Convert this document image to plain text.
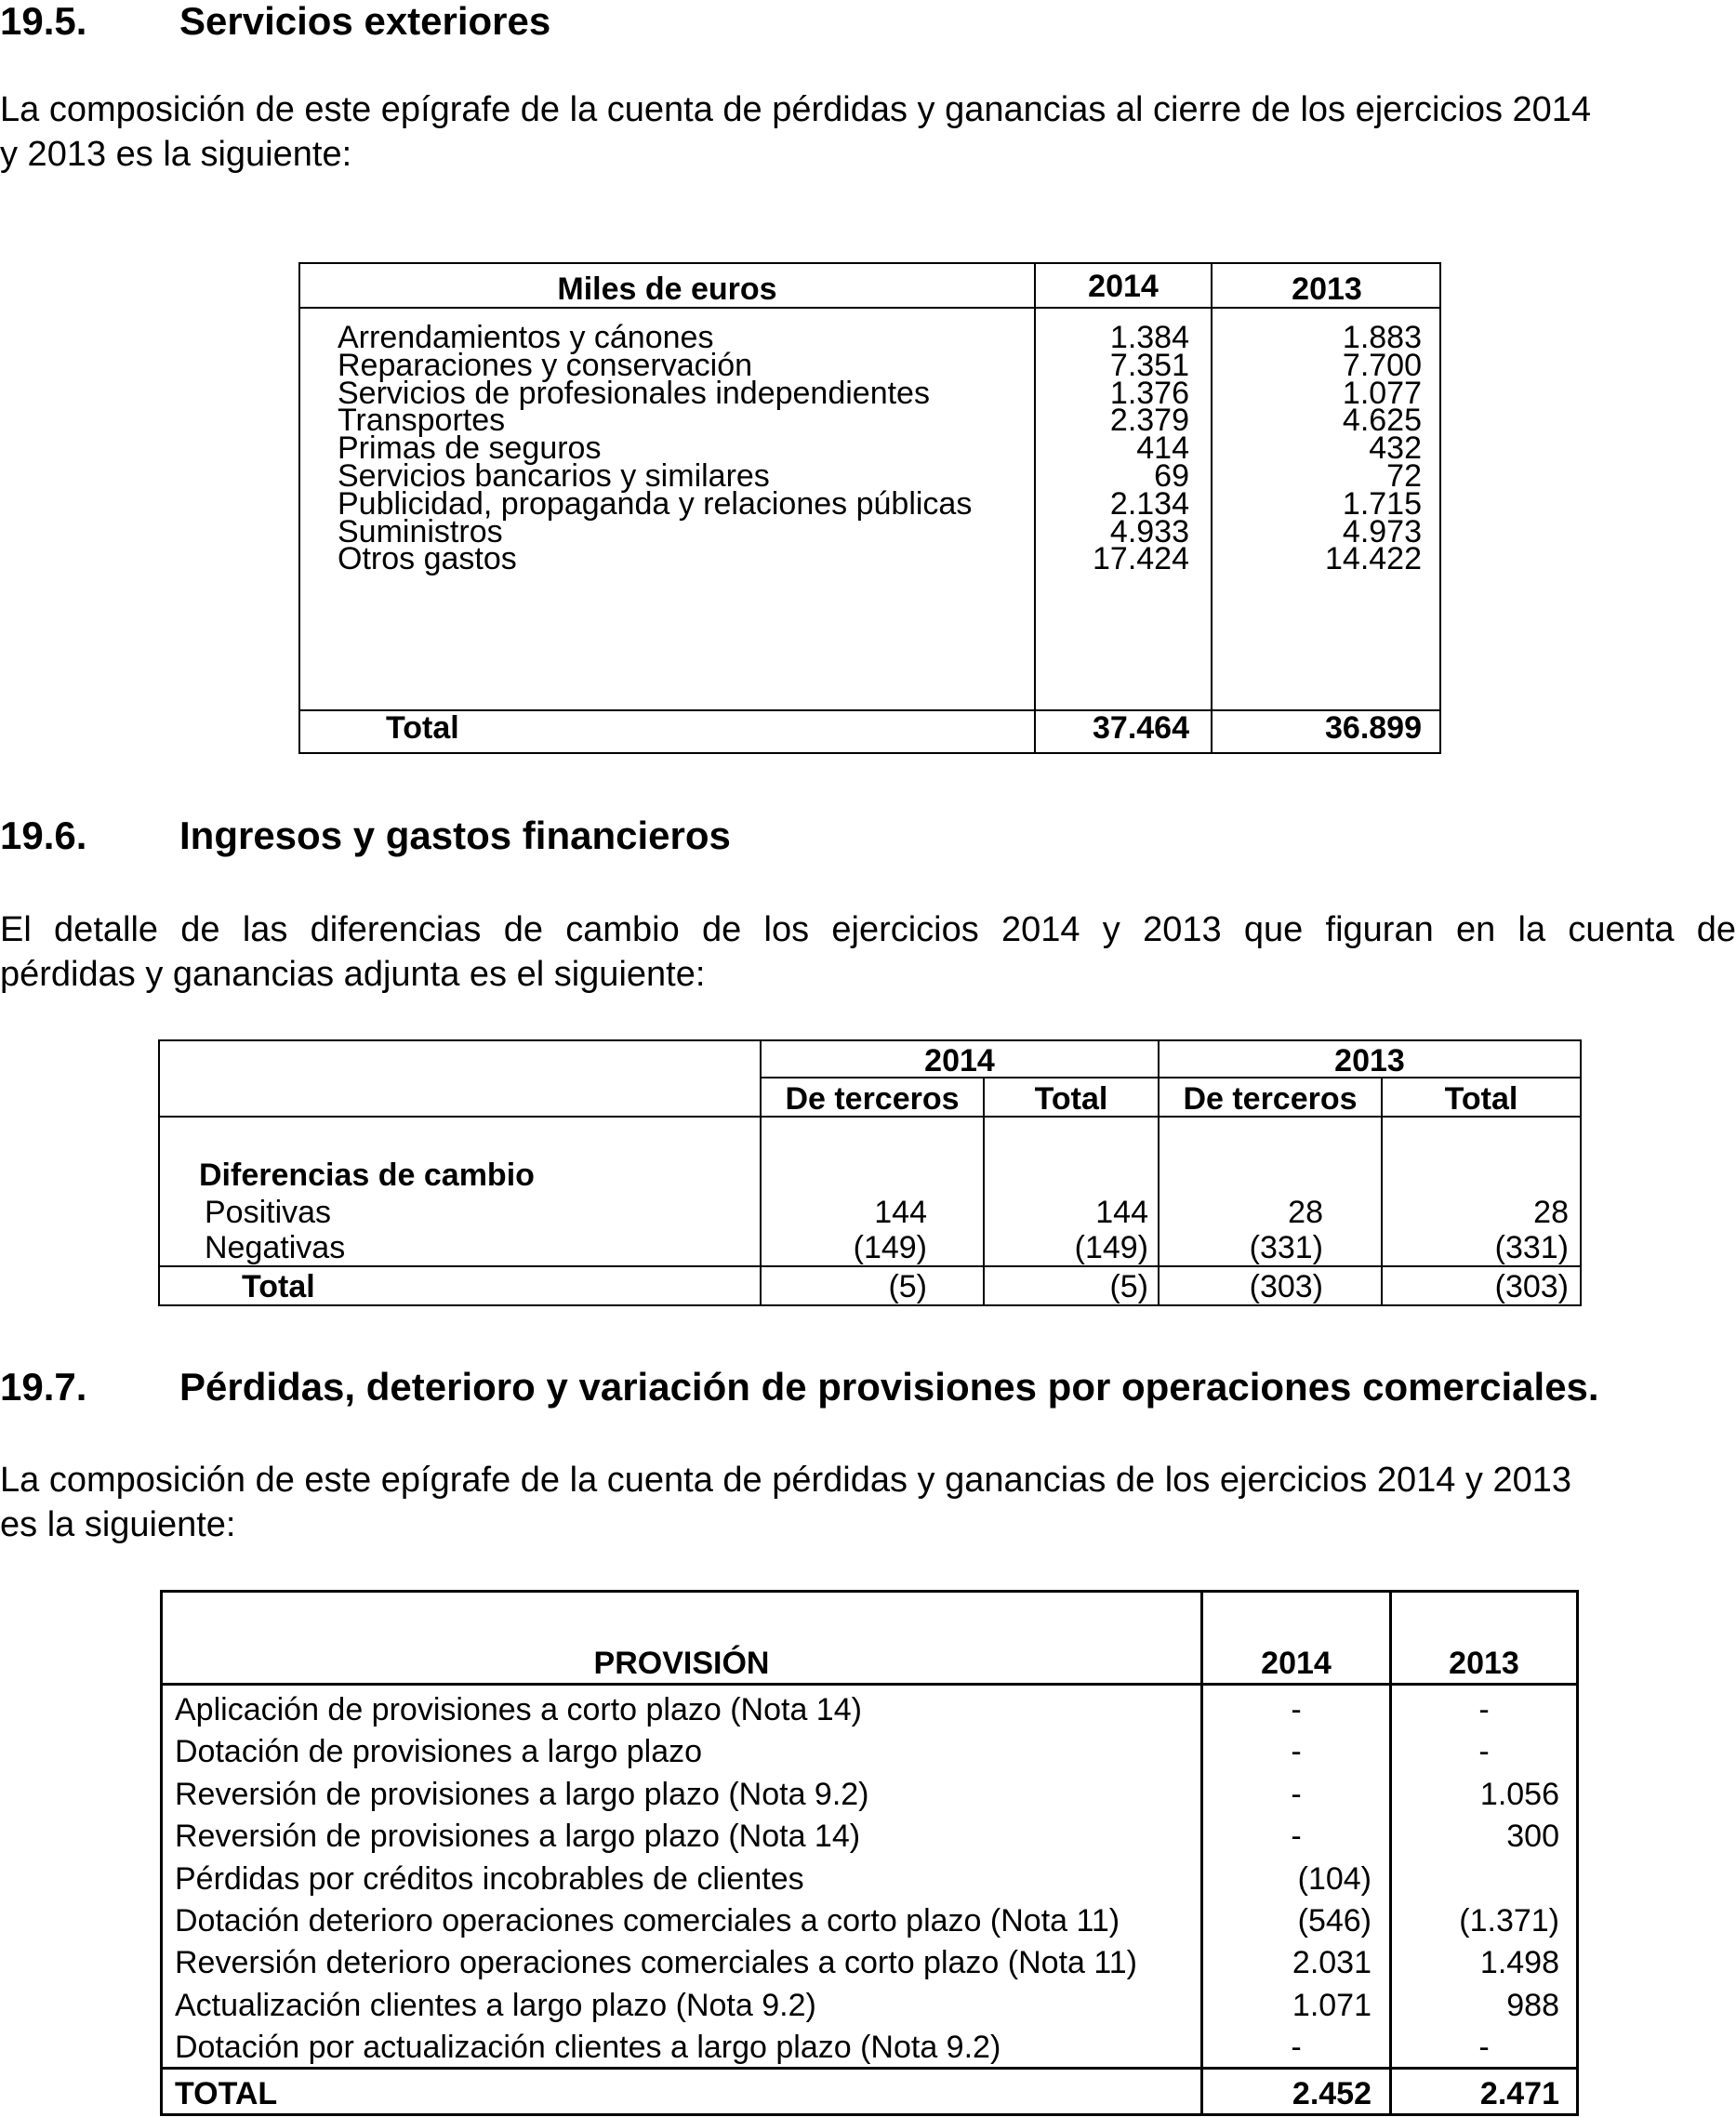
19.5. Servicios exteriores

La composición de este epígrafe de la cuenta de pérdidas y ganancias al cierre de los ejercicios 2014
y 2013 es la siguiente:

Miles de euros	2014	2013
Arrendamientos y cánones	1.384	1.883
Reparaciones y conservación	7.351	7.700
Servicios de profesionales independientes	1.376	1.077
Transportes	2.379	4.625
Primas de seguros	414	432
Servicios bancarios y similares	69	72
Publicidad, propaganda y relaciones públicas	2.134	1.715
Suministros	4.933	4.973
Otros gastos	17.424	14.422
Total	37.464	36.899
19.6. Ingresos y gastos financieros

El detalle de las diferencias de cambio de los ejercicios 2014 y 2013 que figuran en la cuenta de

pérdidas y ganancias adjunta es el siguiente:

2014	2013
De terceros	Total	De terceros	Total
Diferencias de cambio
Positivas	144	144	28	28
Negativas	(149)	(149)	(331)	(331)
Total	(5)	(5)	(303)	(303)
19.7. Pérdidas, deterioro y variación de provisiones por operaciones comerciales.

La composición de este epígrafe de la cuenta de pérdidas y ganancias de los ejercicios 2014 y 2013
es la siguiente:

PROVISIÓN	2014	2013
Aplicación de provisiones a corto plazo (Nota 14)	-	-
Dotación de provisiones a largo plazo	-	-
Reversión de provisiones a largo plazo (Nota 9.2)	-	1.056
Reversión de provisiones a largo plazo (Nota 14)	-	300
Pérdidas por créditos incobrables de clientes	(104)
Dotación deterioro operaciones comerciales a corto plazo (Nota 11)	(546)	(1.371)
Reversión deterioro operaciones comerciales a corto plazo (Nota 11)	2.031	1.498
Actualización clientes a largo plazo (Nota 9.2)	1.071	988
Dotación por actualización clientes a largo plazo (Nota 9.2)	-	-
TOTAL	2.452	2.471
